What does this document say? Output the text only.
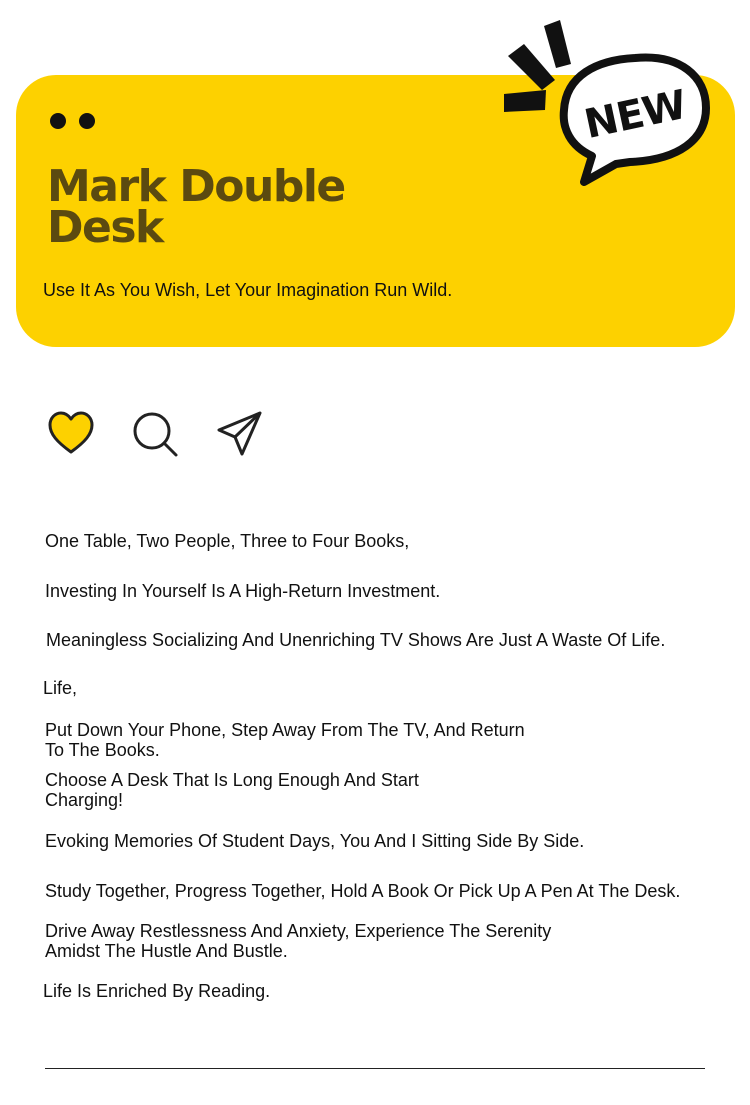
Mark Double
Desk
Use It As You Wish, Let Your Imagination Run Wild.
NEW

One Table, Two People, Three to Four Books,

Investing In Yourself Is A High-Return Investment.

Meaningless Socializing And Unenriching TV Shows Are Just A Waste Of Life.

Life,

Put Down Your Phone, Step Away From The TV, And Return

To The Books.

Choose A Desk That Is Long Enough And Start

Charging!

Evoking Memories Of Student Days, You And I Sitting Side By Side.

Study Together, Progress Together, Hold A Book Or Pick Up A Pen At The Desk.

Drive Away Restlessness And Anxiety, Experience The Serenity

Amidst The Hustle And Bustle.

Life Is Enriched By Reading.
